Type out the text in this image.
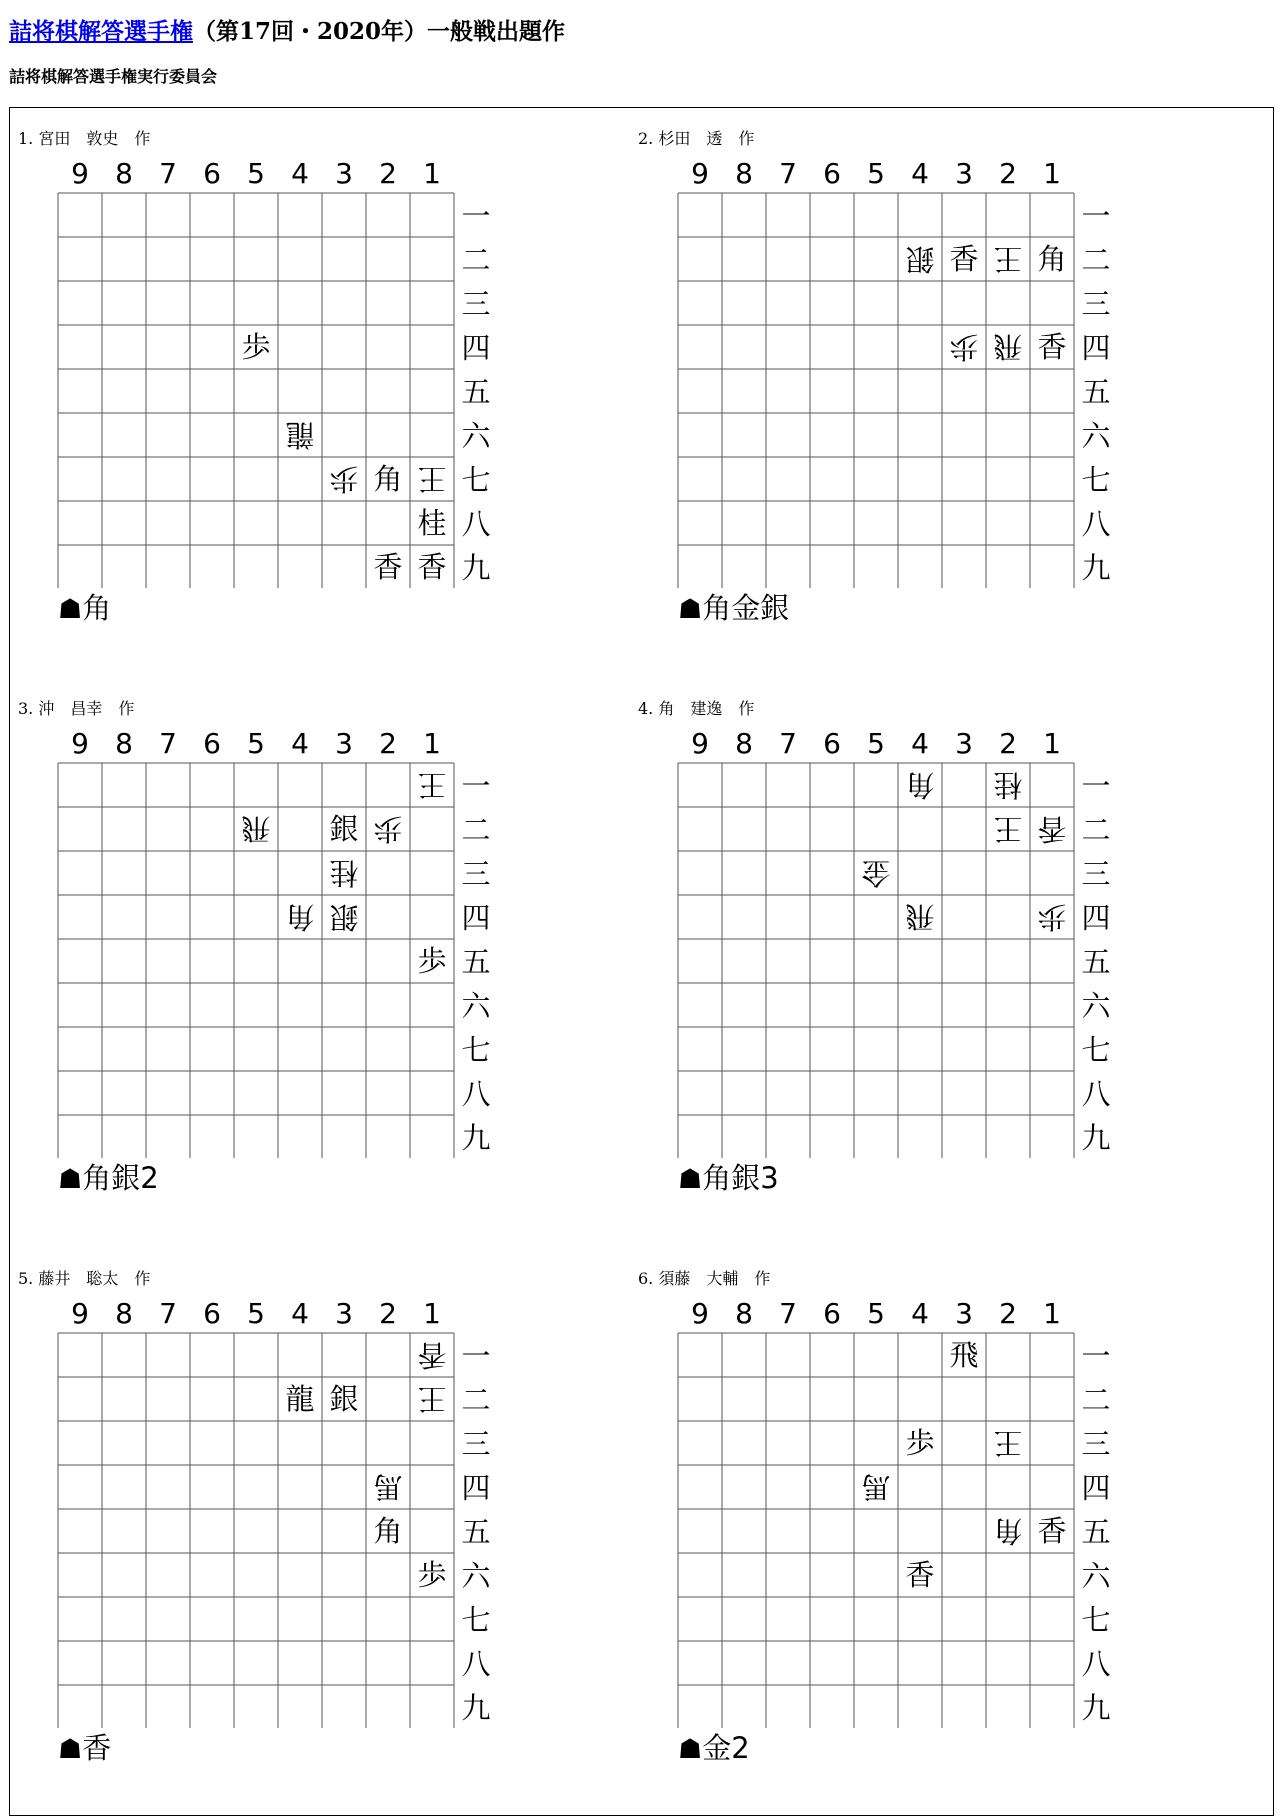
詰将棋解答選手権（第17回・2020年）一般戦出題作
詰将棋解答選手権実行委員会
1. 宮田　敦史　作
9 8 7 6 5 4 3 2 1
一
二
三
四
五
六
七
八
九
歩
龍
歩 角 王
桂
香 香
☗角
2. 杉田　透　作
9 8 7 6 5 4 3 2 1
一
二
三
四
五
六
七
八
九
銀 香 王 角
歩 飛 香
☗角金銀
3. 沖　昌幸　作
9 8 7 6 5 4 3 2 1
一
二
三
四
五
六
七
八
九
王
飛 銀 歩
桂
角 銀
歩
☗角銀2
4. 角　建逸　作
9 8 7 6 5 4 3 2 1
一
二
三
四
五
六
七
八
九
角 桂
王 香
金
飛	歩
☗角銀3
5. 藤井　聡太　作
9 8 7 6 5 4 3 2 1
一
二
三
四
五
六
七
八
九
香
龍 銀 王
馬
角
歩
☗香
6. 須藤　大輔　作
9 8 7 6 5 4 3 2 1
一
二
三
四
五
六
七
八
九
飛
歩 王
馬
角 香
香
☗金2
